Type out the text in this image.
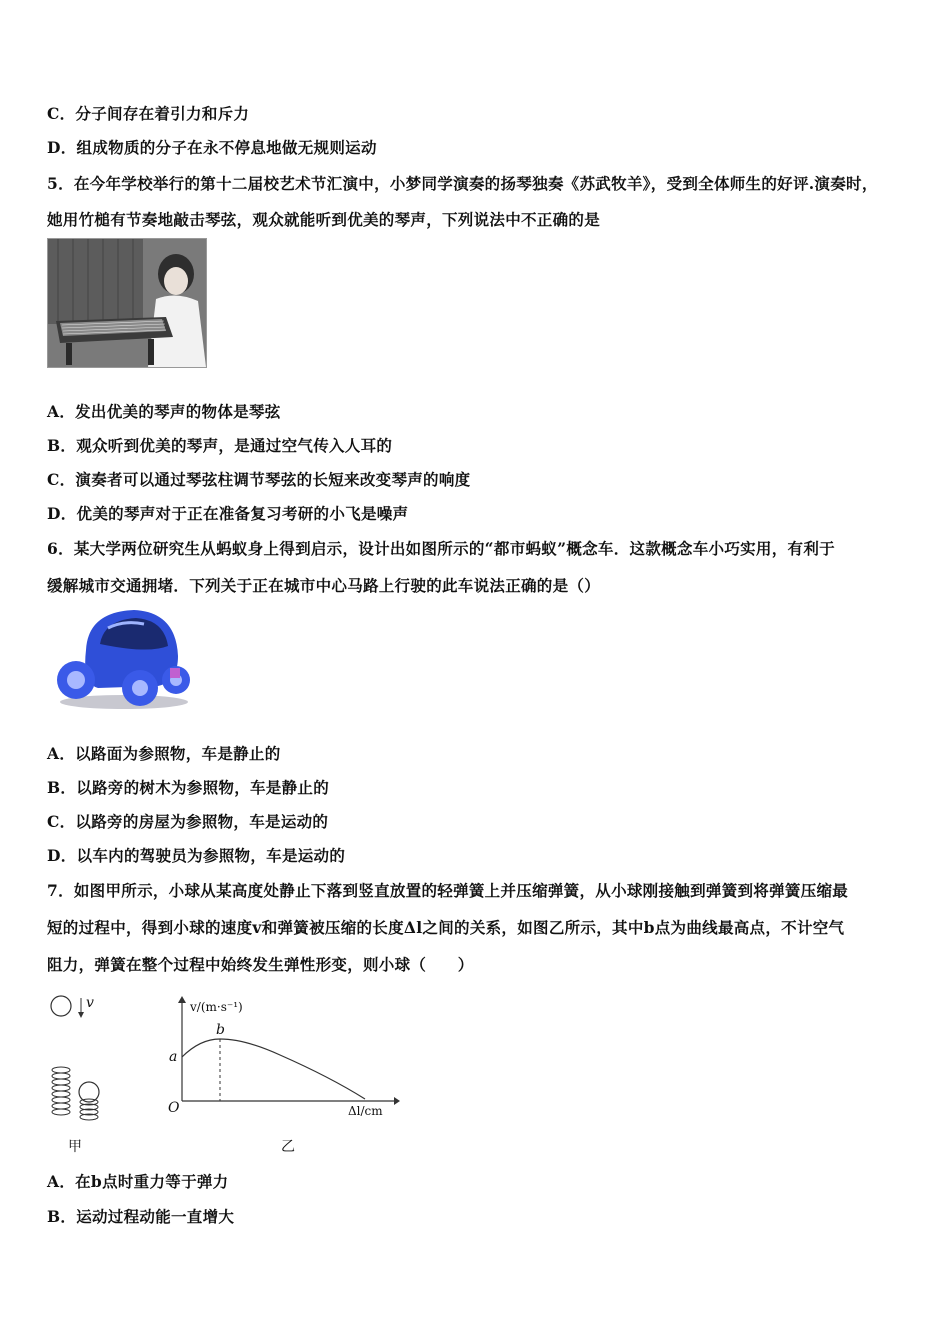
C．分子间存在着引力和斥力
D．组成物质的分子在永不停息地做无规则运动
5．在今年学校举行的第十二届校艺术节汇演中，小梦同学演奏的扬琴独奏《苏武牧羊》，受到全体师生的好评.演奏时，
她用竹槌有节奏地敲击琴弦，观众就能听到优美的琴声，下列说法中不正确的是
A．发出优美的琴声的物体是琴弦
B．观众听到优美的琴声，是通过空气传入人耳的
C．演奏者可以通过琴弦柱调节琴弦的长短来改变琴声的响度
D．优美的琴声对于正在准备复习考研的小飞是噪声
6．某大学两位研究生从蚂蚁身上得到启示，设计出如图所示的“都市蚂蚁”概念车．这款概念车小巧实用，有利于
缓解城市交通拥堵．下列关于正在城市中心马路上行驶的此车说法正确的是（）
A．以路面为参照物，车是静止的
B．以路旁的树木为参照物，车是静止的
C．以路旁的房屋为参照物，车是运动的
D．以车内的驾驶员为参照物，车是运动的
7．如图甲所示，小球从某高度处静止下落到竖直放置的轻弹簧上并压缩弹簧，从小球刚接触到弹簧到将弹簧压缩最
短的过程中，得到小球的速度v和弹簧被压缩的长度Δl之间的关系，如图乙所示，其中b点为曲线最高点，不计空气
阻力，弹簧在整个过程中始终发生弹性形变，则小球（　　）
v
甲
v/(m·s⁻¹)
a
b
O	Δl/cm
乙
A．在b点时重力等于弹力
B．运动过程动能一直增大
